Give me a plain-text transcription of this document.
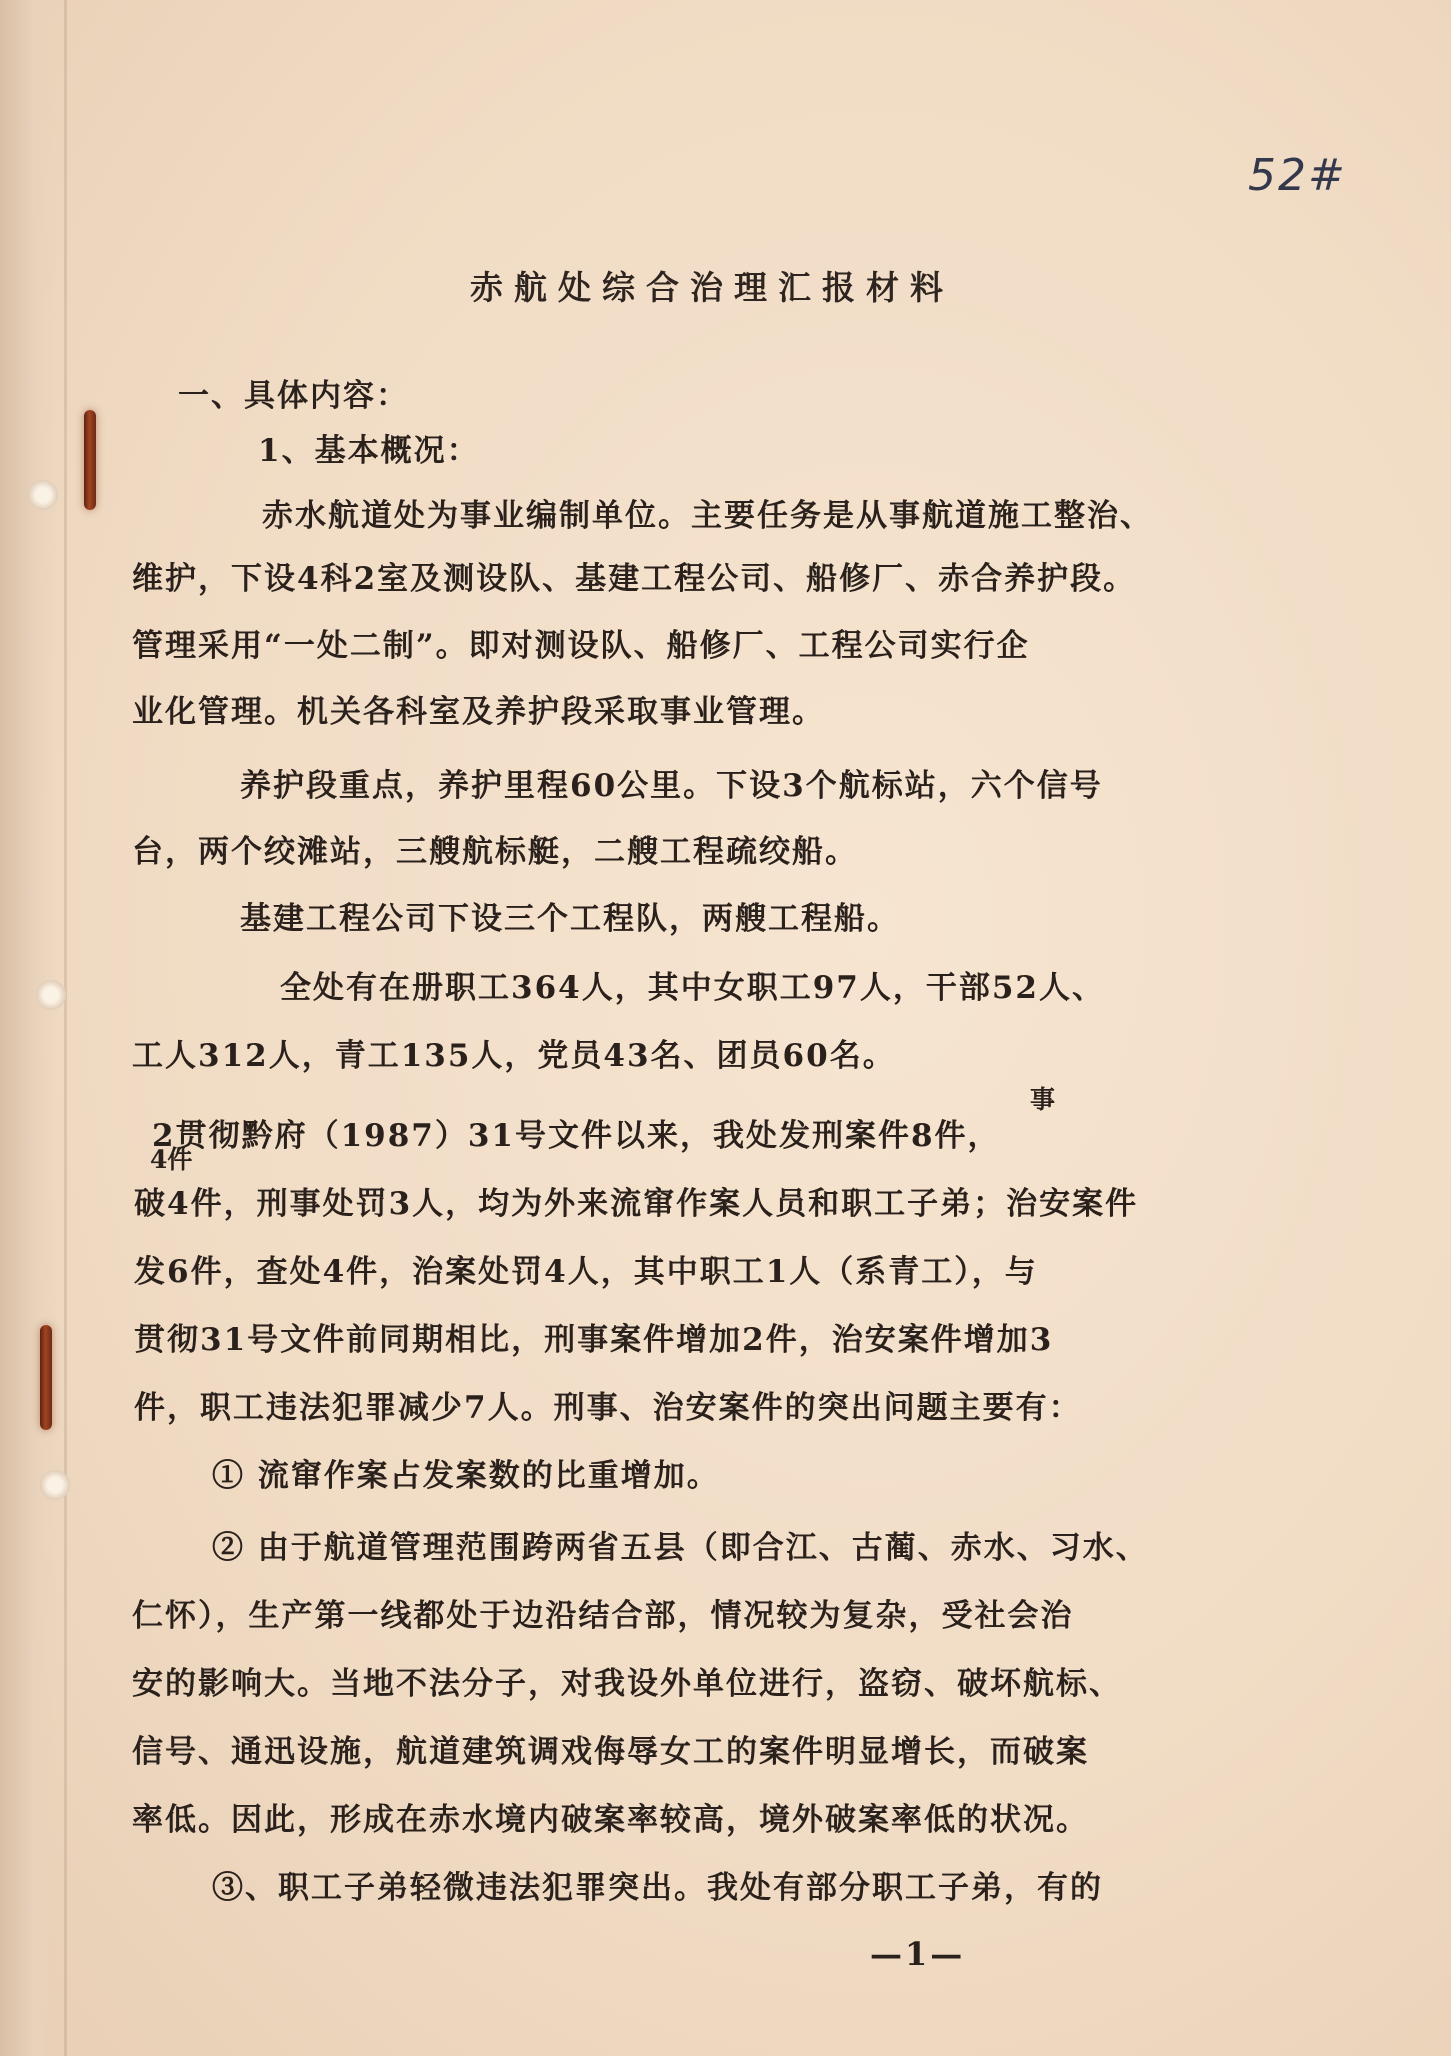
52#
赤航处综合治理汇报材料
一、具体内容：
1、基本概况：
赤水航道处为事业编制单位。主要任务是从事航道施工整治、
维护，下设4科2室及测设队、基建工程公司、船修厂、赤合养护段。
管理采用“一处二制”。即对测设队、船修厂、工程公司实行企
业化管理。机关各科室及养护段采取事业管理。
养护段重点，养护里程60公里。下设3个航标站，六个信号
台，两个绞滩站，三艘航标艇，二艘工程疏绞船。
基建工程公司下设三个工程队，两艘工程船。
全处有在册职工364人，其中女职工97人，干部52人、
工人312人，青工135人，党员43名、团员60名。
事
2贯彻黔府（1987）31号文件以来，我处发刑案件8件，
4件
破4件，刑事处罚3人，均为外来流窜作案人员和职工子弟；治安案件
发6件，查处4件，治案处罚4人，其中职工1人（系青工），与
贯彻31号文件前同期相比，刑事案件增加2件，治安案件增加3
件，职工违法犯罪减少7人。刑事、治安案件的突出问题主要有：
① 流窜作案占发案数的比重增加。
② 由于航道管理范围跨两省五县（即合江、古蔺、赤水、习水、
仁怀），生产第一线都处于边沿结合部，情况较为复杂，受社会治
安的影响大。当地不法分子，对我设外单位进行，盗窃、破坏航标、
信号、通迅设施，航道建筑调戏侮辱女工的案件明显增长，而破案
率低。因此，形成在赤水境内破案率较高，境外破案率低的状况。
③、职工子弟轻微违法犯罪突出。我处有部分职工子弟，有的
—1—
